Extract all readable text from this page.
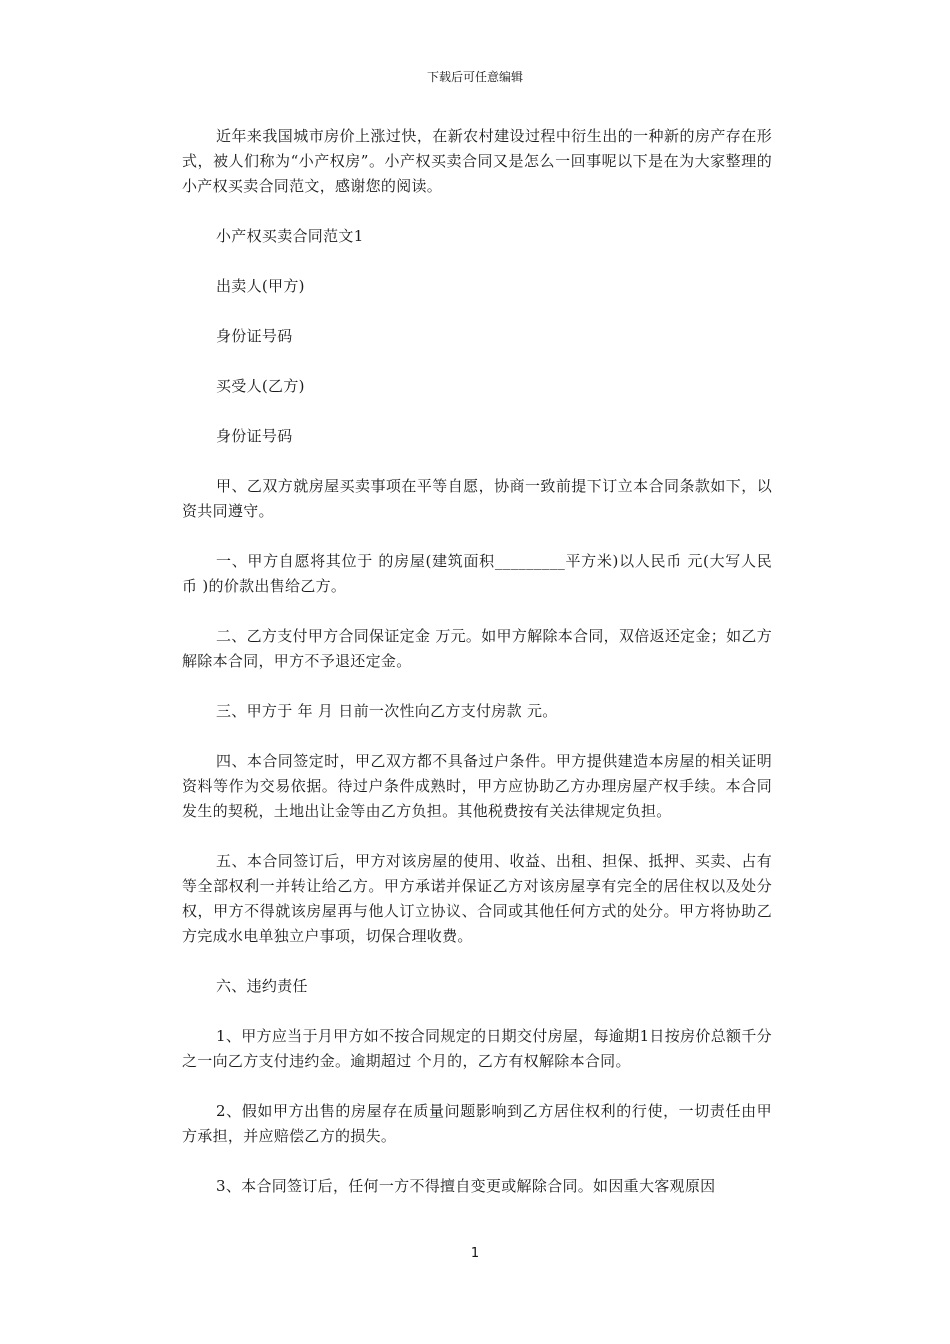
下载后可任意编辑

近年来我国城市房价上涨过快，在新农村建设过程中衍生出的一种新的房产存在形式，被人们称为“小产权房”。小产权买卖合同又是怎么一回事呢以下是在为大家整理的小产权买卖合同范文，感谢您的阅读。

小产权买卖合同范文1

出卖人(甲方)

身份证号码

买受人(乙方)

身份证号码

甲、乙双方就房屋买卖事项在平等自愿，协商一致前提下订立本合同条款如下，以资共同遵守。

一、甲方自愿将其位于 的房屋(建筑面积_________平方米)以人民币 元(大写人民币 )的价款出售给乙方。

二、乙方支付甲方合同保证定金 万元。如甲方解除本合同，双倍返还定金；如乙方解除本合同，甲方不予退还定金。

三、甲方于 年 月 日前一次性向乙方支付房款 元。

四、本合同签定时，甲乙双方都不具备过户条件。甲方提供建造本房屋的相关证明资料等作为交易依据。待过户条件成熟时，甲方应协助乙方办理房屋产权手续。本合同发生的契税，土地出让金等由乙方负担。其他税费按有关法律规定负担。

五、本合同签订后，甲方对该房屋的使用、收益、出租、担保、抵押、买卖、占有等全部权利一并转让给乙方。甲方承诺并保证乙方对该房屋享有完全的居住权以及处分权，甲方不得就该房屋再与他人订立协议、合同或其他任何方式的处分。甲方将协助乙方完成水电单独立户事项，切保合理收费。

六、违约责任

1、甲方应当于月甲方如不按合同规定的日期交付房屋，每逾期1日按房价总额千分之一向乙方支付违约金。逾期超过 个月的，乙方有权解除本合同。

2、假如甲方出售的房屋存在质量问题影响到乙方居住权利的行使，一切责任由甲方承担，并应赔偿乙方的损失。

3、本合同签订后，任何一方不得擅自变更或解除合同。如因重大客观原因

1
